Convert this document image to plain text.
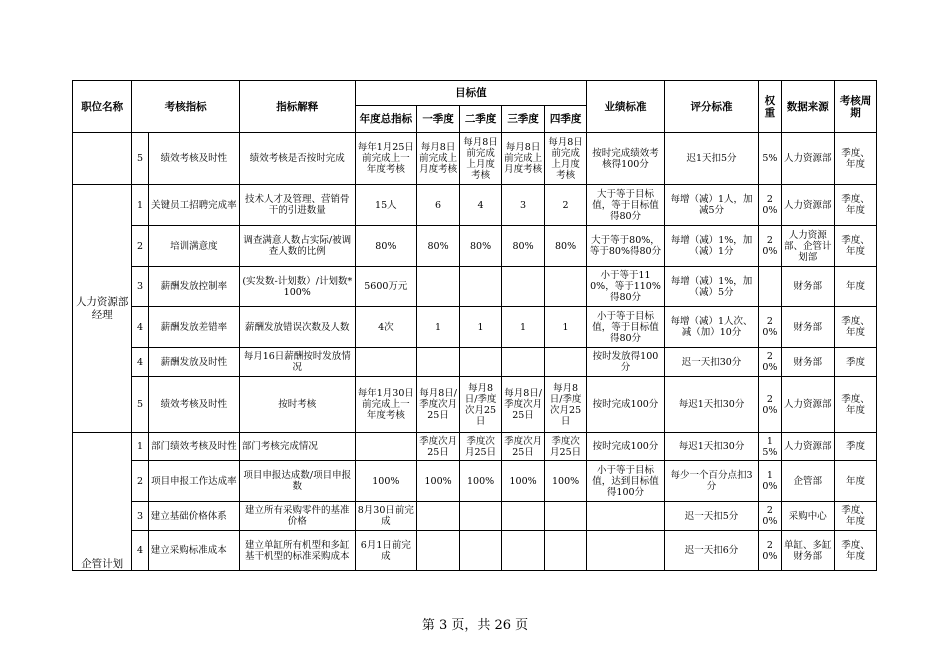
职位名称	考核指标		指标解释	目标值					业绩标准	评分标准	权重	数据来源	考核周期
				年度总指标	一季度	二季度	三季度	四季度					
	5	绩效考核及时性	绩效考核是否按时完成	每年1月25日前完成上一年度考核	每月8日前完成上月度考核	每月8日前完成上月度考核	每月8日前完成上月度考核	每月8日前完成上月度考核	按时完成绩效考核得100分	迟1天扣5分	5%	人力资源部	季度、年度
人力资源部经理	1	关键员工招聘完成率	技术人才及管理、营销骨干的引进数量	15人	6	4	3	2	大于等于目标值，等于目标值得80分	每增（减）1人，加减5分	20%	人力资源部	季度、年度
	2	培训满意度	调查满意人数占实际/被调查人数的比例	80%	80%	80%	80%	80%	大于等于80%，等于80%得80分	每增（减）1%，加（减）1分	20%	人力资源部、企管计划部	季度、年度
	3	薪酬发放控制率	(实发数-计划数）/计划数*100%	5600万元					小于等于110%，等于110%得80分	每增（减）1%，加（减）5分		财务部	年度
	4	薪酬发放差错率	薪酬发放错误次数及人数	4次	1	1	1	1	小于等于目标值，等于目标值得80分	每增（减）1人次、减（加）10分	20%	财务部	季度、年度
	4	薪酬发放及时性	每月16日薪酬按时发放情况						按时发放得100分	迟一天扣30分	20%	财务部	季度
	5	绩效考核及时性	按时考核	每年1月30日前完成上一年度考核	每月8日/季度次月25日	每月8日/季度次月25日	每月8日/季度次月25日	每月8日/季度次月25日	按时完成100分	每迟1天扣30分	20%	人力资源部	季度、年度
企管计划	1	部门绩效考核及时性	部门考核完成情况		季度次月25日	季度次月25日	季度次月25日	季度次月25日	按时完成100分	每迟1天扣30分	15%	人力资源部	季度
	2	项目申报工作达成率	项目申报达成数/项目申报数	100%	100%	100%	100%	100%	小于等于目标值，达到目标值得100分	每少一个百分点扣3分	10%	企管部	年度
	3	建立基础价格体系	建立所有采购零件的基准价格	8月30日前完成						迟一天扣5分	20%	采购中心	季度、年度
	4	建立采购标准成本	建立单缸所有机型和多缸基干机型的标准采购成本	6月1日前完成						迟一天扣6分	20%	单缸、多缸财务部	季度、年度
第 3 页，共 26 页
